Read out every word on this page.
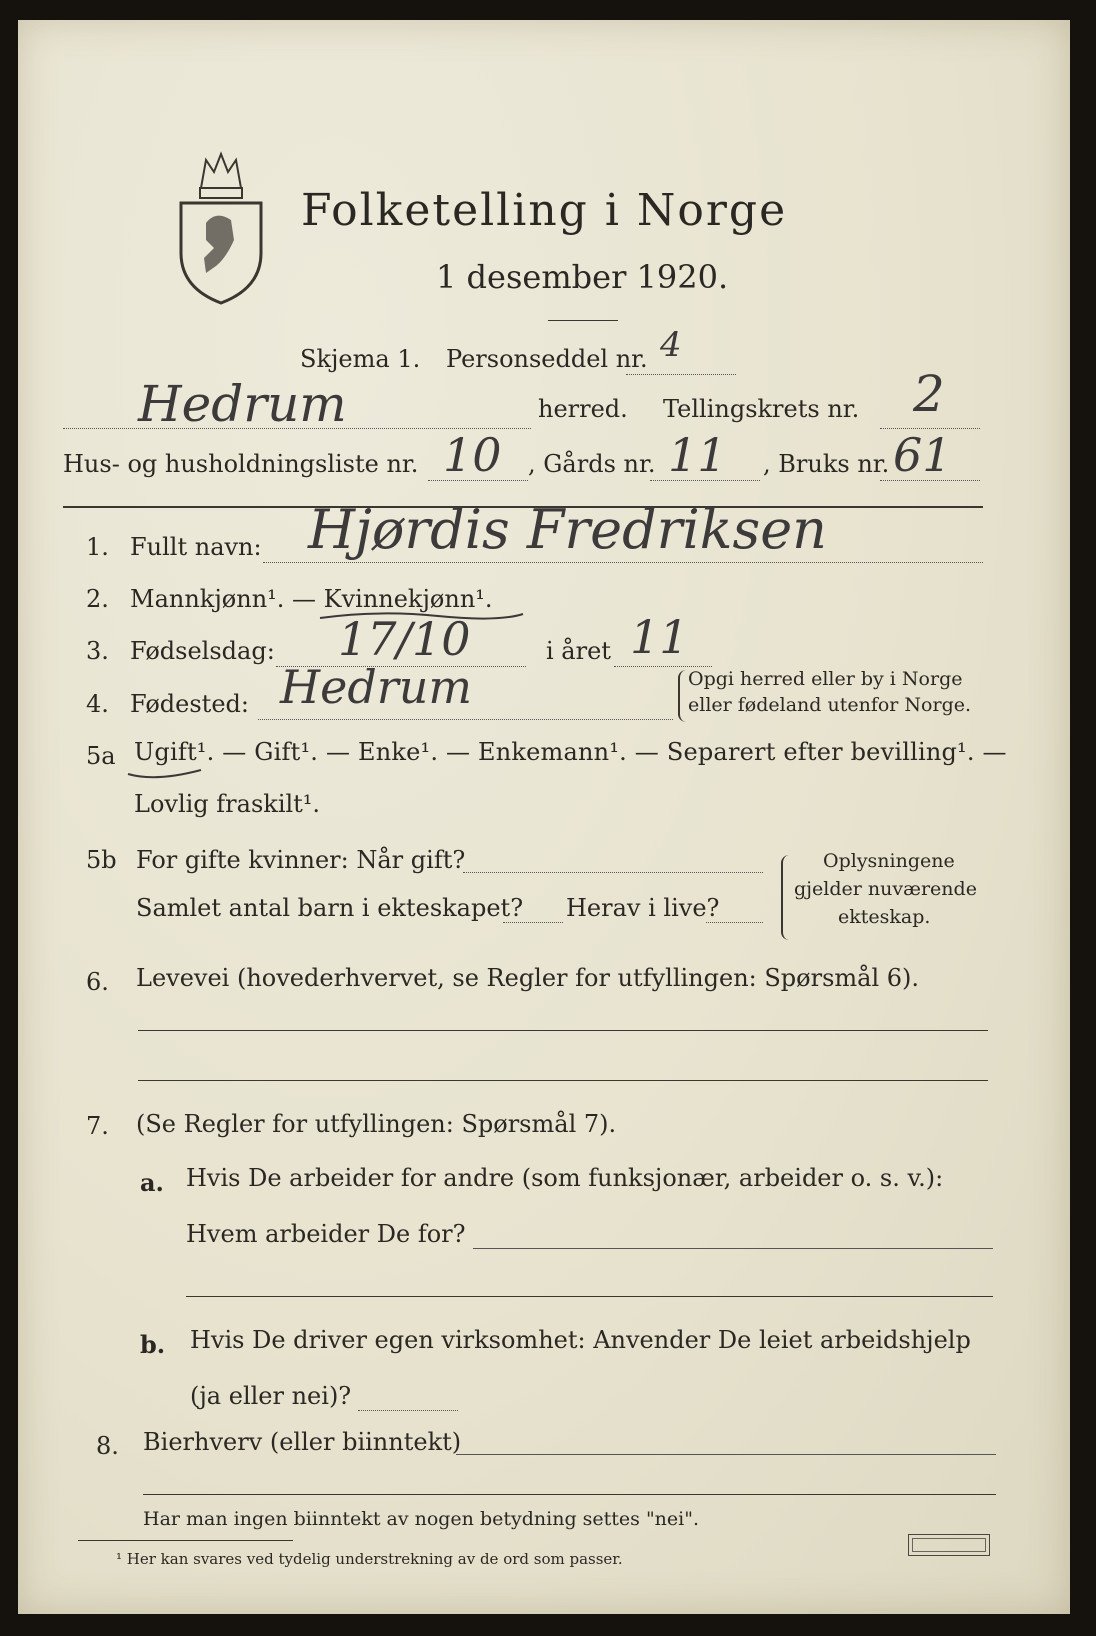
Folketelling i Norge
1 desember 1920.
Skjema 1. Personseddel nr. 4
Hedrum	herred. Tellingskrets nr. 2
Hus- og husholdningsliste nr. 10 , Gårds nr. 11 , Bruks nr. 61
1. Fullt navn: Hjørdis Fredriksen
2. Mannkjønn¹. — Kvinnekjønn¹.
3. Fødselsdag: 17/10	i året 11
4. Fødested: Hedrum	Opgi herred eller by i Norge
eller fødeland utenfor Norge.
5a Ugift¹. — Gift¹. — Enke¹. — Enkemann¹. — Separert efter bevilling¹. —
Lovlig fraskilt¹.
5b For gifte kvinner: Når gift?
Samlet antal barn i ekteskapet? Herav i live?
Oplysningene
gjelder nuværende
ekteskap.
6. Levevei (hovederhvervet, se Regler for utfyllingen: Spørsmål 6).
7. (Se Regler for utfyllingen: Spørsmål 7).
a. Hvis De arbeider for andre (som funksjonær, arbeider o. s. v.):
Hvem arbeider De for?
b. Hvis De driver egen virksomhet: Anvender De leiet arbeidshjelp
(ja eller nei)?
8. Bierhverv (eller biinntekt)
Har man ingen biinntekt av nogen betydning settes "nei".
¹ Her kan svares ved tydelig understrekning av de ord som passer.
